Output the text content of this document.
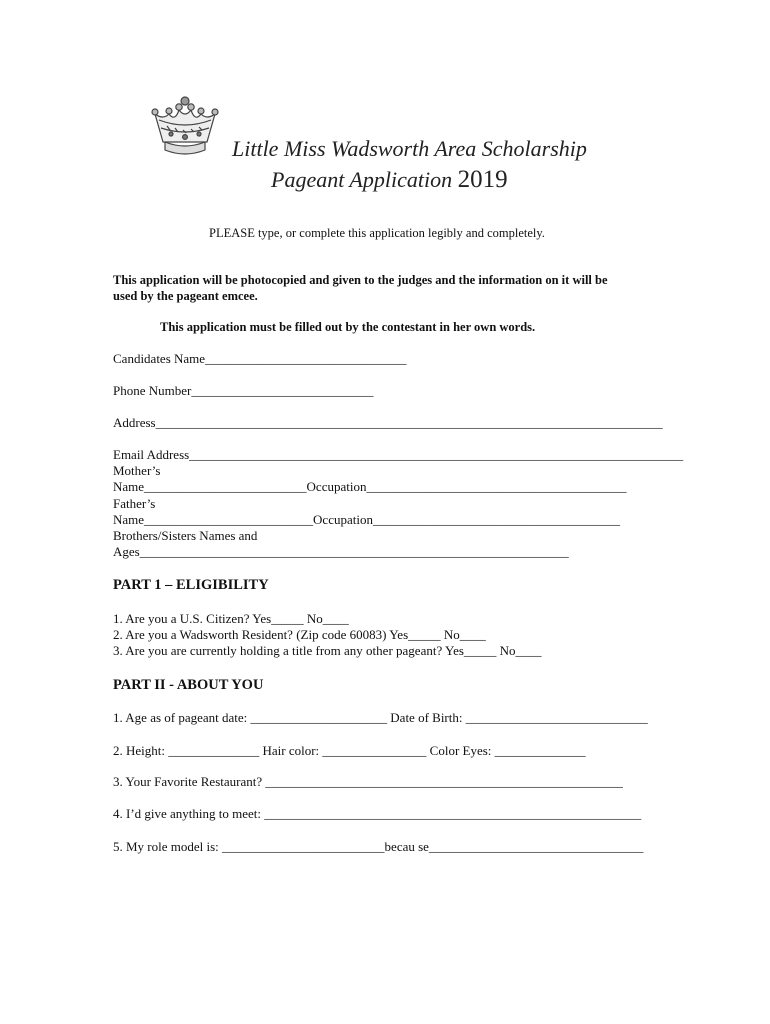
Little Miss Wadsworth Area Scholarship
Pageant Application 2019
PLEASE type, or complete this application legibly and completely.
This application will be photocopied and given to the judges and the information on it will be
used by the pageant emcee.
This application must be filled out by the contestant in her own words.
Candidates Name_______________________________
Phone Number____________________________
Address______________________________________________________________________________
Email Address____________________________________________________________________________
Mother’s
Name_________________________Occupation________________________________________
Father’s
Name__________________________Occupation______________________________________
Brothers/Sisters Names and
Ages__________________________________________________________________
PART 1 – ELIGIBILITY
1. Are you a U.S. Citizen? Yes_____ No____
2. Are you a Wadsworth Resident? (Zip code 60083) Yes_____ No____
3. Are you are currently holding a title from any other pageant? Yes_____ No____
PART II - ABOUT YOU
1. Age as of pageant date: _____________________ Date of Birth: ____________________________
2. Height: ______________ Hair color: ________________ Color Eyes: ______________
3. Your Favorite Restaurant? _______________________________________________________
4. I’d give anything to meet: __________________________________________________________
5. My role model is: _________________________becau se_________________________________
